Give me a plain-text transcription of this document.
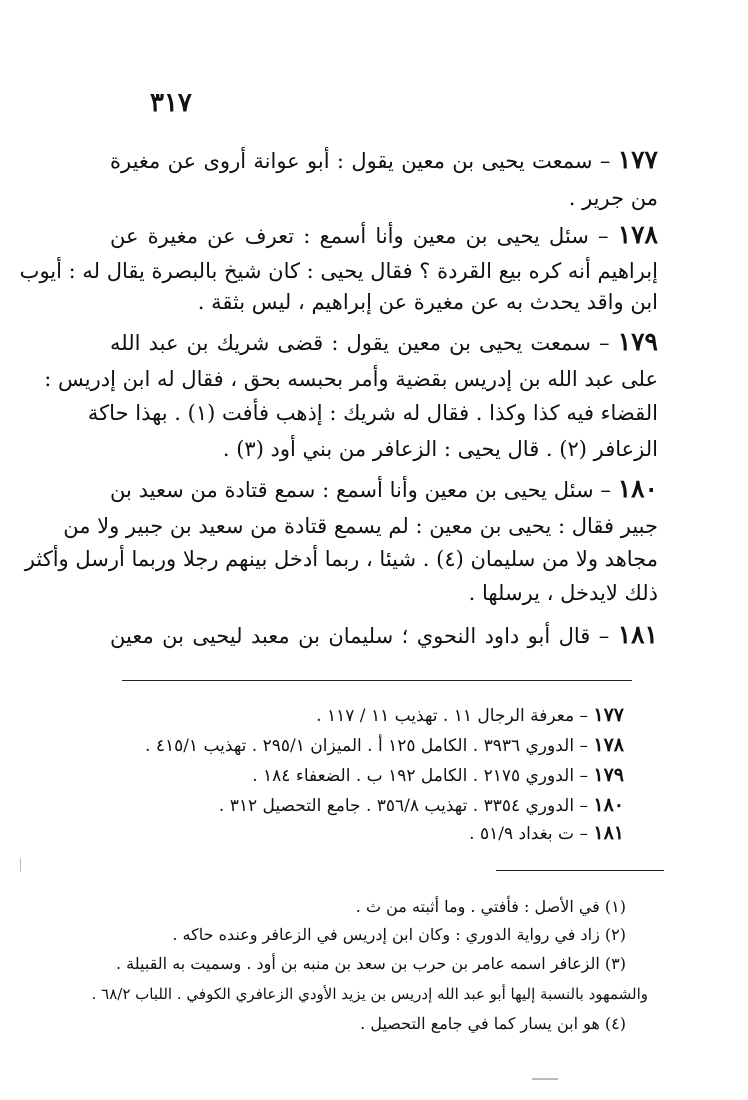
٣١٧
١٧٧ – سمعت يحيى بن معين يقول : أبو عوانة أروى عن مغيرة
من جرير .
١٧٨ – سئل يحيى بن معين وأنا أسمع : تعرف عن مغيرة عن
إبراهيم أنه كره بيع القردة ؟ فقال يحيى : كان شيخ بالبصرة يقال له : أيوب
ابن واقد يحدث به عن مغيرة عن إبراهيم ، ليس بثقة .
١٧٩ – سمعت يحيى بن معين يقول : قضى شريك بن عبد الله
على عبد الله بن إدريس بقضية وأمر بحبسه بحق ، فقال له ابن إدريس :
القضاء فيه كذا وكذا . فقال له شريك : إذهب فأفت (١) . بهذا حاكة
الزعافر (٢) . قال يحيى : الزعافر من بني أود (٣) .
١٨٠ – سئل يحيى بن معين وأنا أسمع : سمع قتادة من سعيد بن
جبير فقال : يحيى بن معين : لم يسمع قتادة من سعيد بن جبير ولا من
مجاهد ولا من سليمان (٤) . شيئا ، ربما أدخل بينهم رجلا وربما أرسل وأكثر
ذلك لايدخل ، يرسلها .
١٨١ – قال أبو داود النحوي ؛ سليمان بن معبد ليحيى بن معين
١٧٧ – معرفة الرجال ١١ . تهذيب ١١ / ١١٧ .
١٧٨ – الدوري ٣٩٣٦ . الكامل ١٢٥ أ . الميزان ٢٩٥/١ . تهذيب ٤١٥/١ .
١٧٩ – الدوري ٢١٧٥ . الكامل ١٩٢ ب . الضعفاء ١٨٤ .
١٨٠ – الدوري ٣٣٥٤ . تهذيب ٣٥٦/٨ . جامع التحصيل ٣١٢ .
١٨١ – ت بغداد ٥١/٩ .
(١) في الأصل : فأفتي . وما أثبته من ث .
(٢) زاد في رواية الدوري : وكان ابن إدريس في الزعافر وعنده حاكه .
(٣) الزعافر اسمه عامر بن حرب بن سعد بن منبه بن أود . وسميت به القبيلة .
والشمهود بالنسبة إليها أبو عبد الله إدريس بن يزيد الأودي الزعافري الكوفي . اللباب ٦٨/٢ .
(٤) هو ابن يسار كما في جامع التحصيل .
